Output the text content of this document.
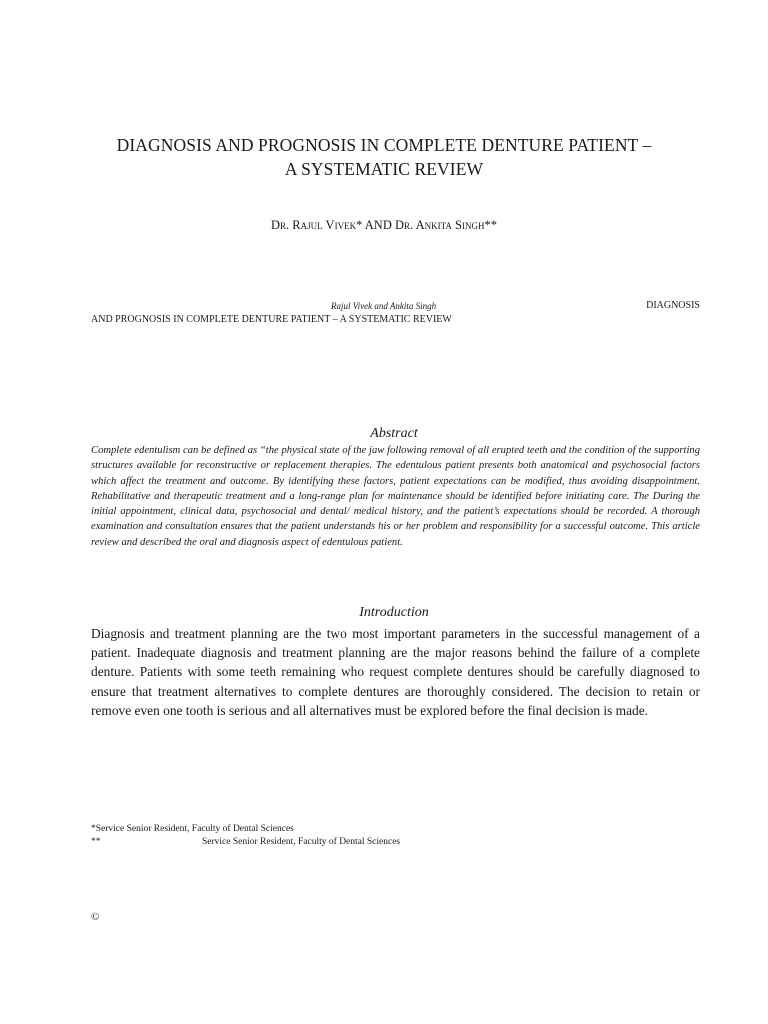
DIAGNOSIS AND PROGNOSIS IN COMPLETE DENTURE PATIENT –
A SYSTEMATIC REVIEW
Dr. Rajul Vivek* AND Dr. Ankita Singh**
Rajul Vivek and Ankita Singh	DIAGNOSIS
AND PROGNOSIS IN COMPLETE DENTURE PATIENT – A SYSTEMATIC REVIEW
Abstract
Complete edentulism can be defined as “the physical state of the jaw following removal of all erupted teeth and the condition of the supporting structures available for reconstructive or replacement therapies. The edentulous patient presents both anatomical and psychosocial factors which affect the treatment and outcome. By identifying these factors, patient expectations can be modified, thus avoiding disappointment. Rehabilitative and therapeutic treatment and a long-range plan for maintenance should be identified before initiating care. The During the initial appointment, clinical data, psychosocial and dental/ medical history, and the patient’s expectations should be recorded. A thorough examination and consultation ensures that the patient understands his or her problem and responsibility for a successful outcome. This article review and described the oral and diagnosis aspect of edentulous patient.
Introduction
Diagnosis and treatment planning are the two most important parameters in the successful management of a patient. Inadequate diagnosis and treatment planning are the major reasons behind the failure of a complete denture. Patients with some teeth remaining who request complete dentures should be carefully diagnosed to ensure that treatment alternatives to complete dentures are thoroughly considered. The decision to retain or remove even one tooth is serious and all alternatives must be explored before the final decision is made.
*Service Senior Resident, Faculty of Dental Sciences
**	Service Senior Resident, Faculty of Dental Sciences
©
